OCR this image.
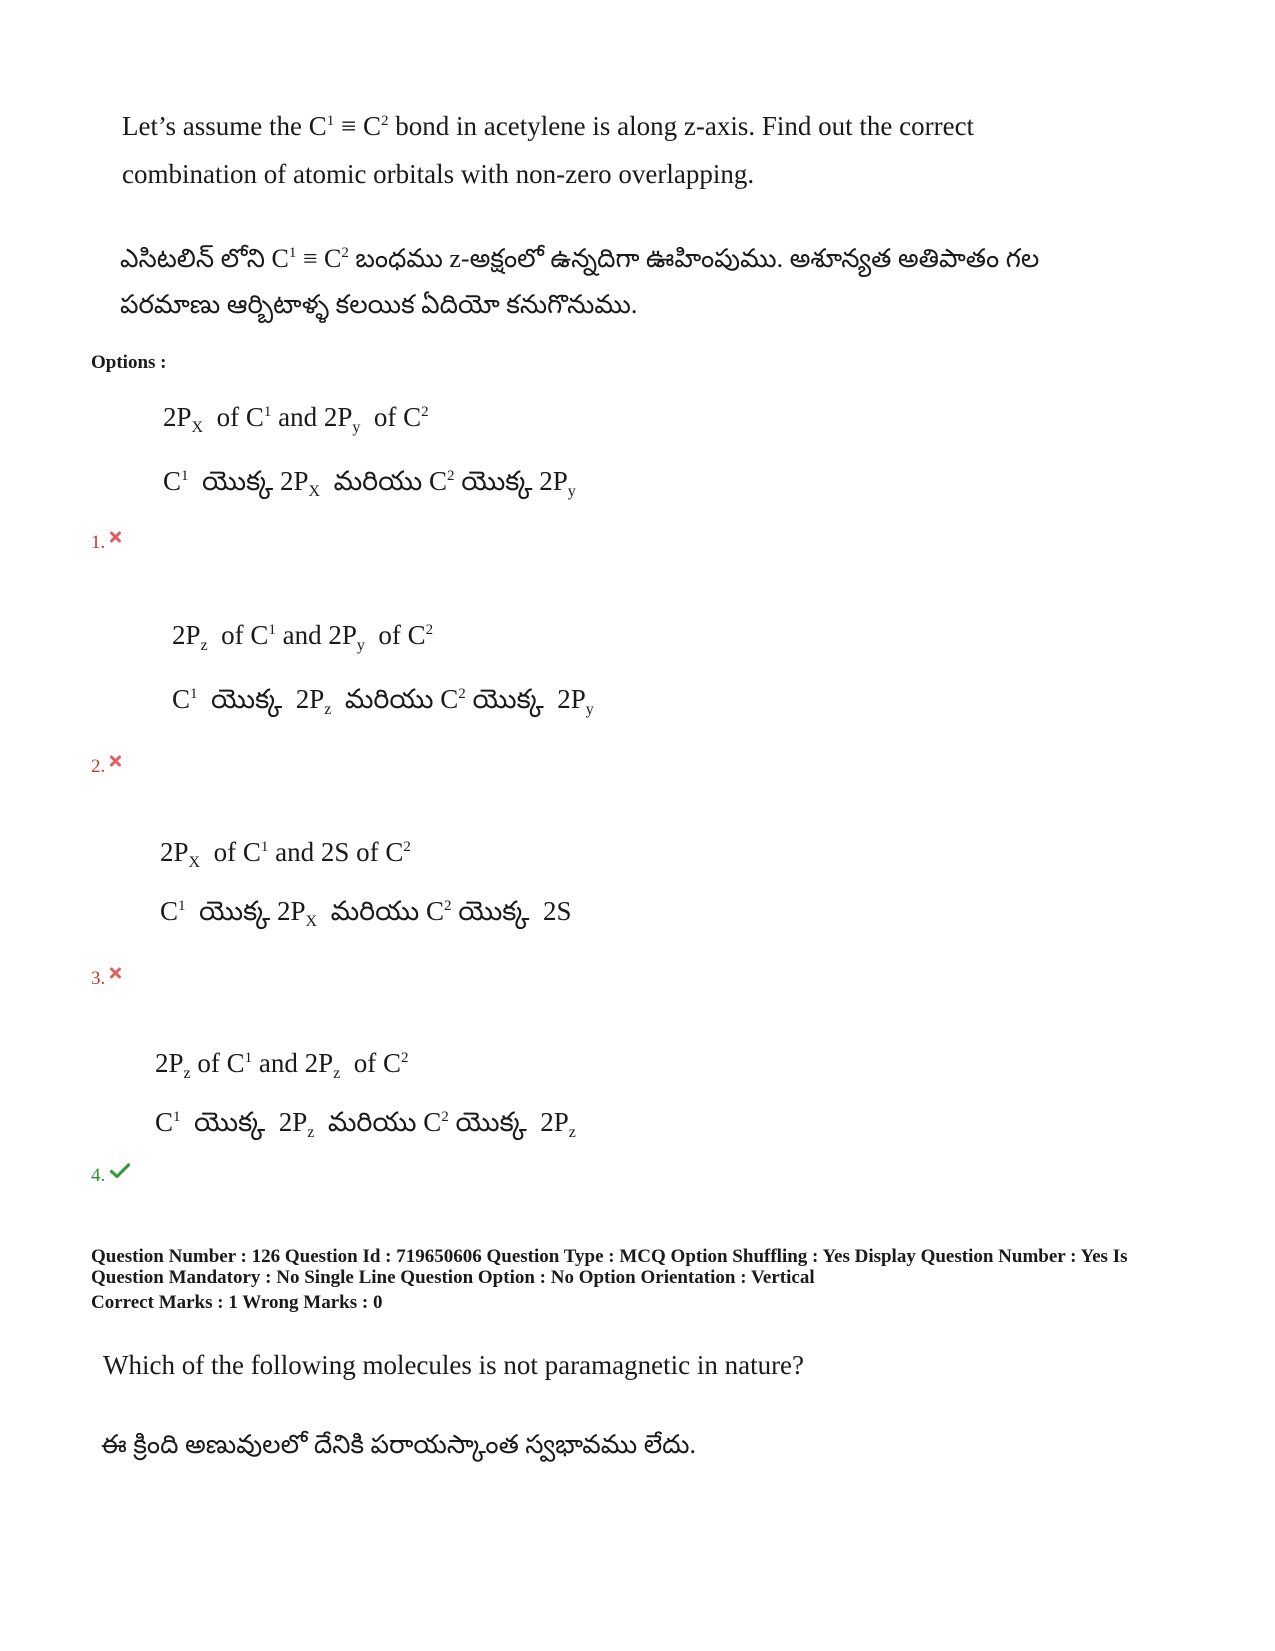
Let’s assume the $C^1 \equiv C^2$ bond in acetylene is along z-axis. Find out the correct
combination of atomic orbitals with non-zero overlapping.
ఎసిటలిన్ లోని $C^1 \equiv C^2$ బంధము z-అక్షంలో ఉన్నదిగా ఊహింపుము. అశూన్యత అతిపాతం గల
పరమాణు ఆర్బిటాళ్ళ కలయిక ఏదియో కనుగొనుము.
Options :
$2P_X$ of $C^1$ and $2P_y$ of $C^2$
$C^1$ యొక్క $2P_X$ మరియు $C^2$ యొక్క $2P_y$
1.
$2P_z$ of $C^1$ and $2P_y$ of $C^2$
$C^1$ యొక్క $2P_z$ మరియు $C^2$ యొక్క $2P_y$
2.
$2P_X$ of $C^1$ and 2S of $C^2$
$C^1$ యొక్క $2P_X$ మరియు $C^2$ యొక్క 2S
3.
$2P_z$ of $C^1$ and $2P_z$ of $C^2$
$C^1$ యొక్క $2P_z$ మరియు $C^2$ యొక్క $2P_z$
4.
Question Number : 126 Question Id : 719650606 Question Type : MCQ Option Shuffling : Yes Display Question Number : Yes Is
Question Mandatory : No Single Line Question Option : No Option Orientation : Vertical
Correct Marks : 1 Wrong Marks : 0
Which of the following molecules is not paramagnetic in nature?
ఈ క్రింది అణువులలో దేనికి పరాయస్కాంత స్వభావము లేదు.
